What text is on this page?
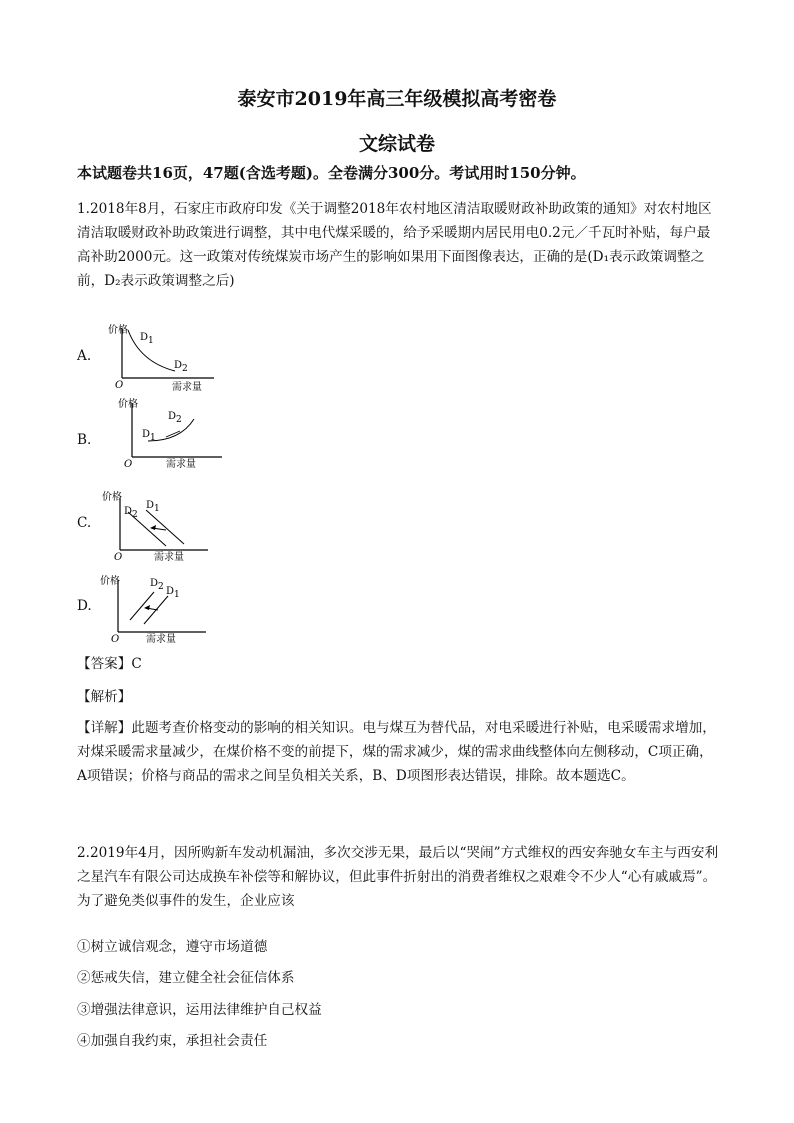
泰安市2019年高三年级模拟高考密卷
文综试卷
本试题卷共16页，47题(含选考题)。全卷满分300分。考试用时150分钟。
1.2018年8月，石家庄市政府印发《关于调整2018年农村地区清洁取暖财政补助政策的通知》对农村地区清洁取暖财政补助政策进行调整，其中电代煤采暖的，给予采暖期内居民用电0.2元／千瓦时补贴，每户最高补助2000元。这一政策对传统煤炭市场产生的影响如果用下面图像表达，正确的是(D₁表示政策调整之前，D₂表示政策调整之后)
A.
价格
O	需求量
D1
D2
B.
价格
O	需求量
D1
D2
C.
价格
O	需求量
D2
D1
D.
价格
O	需求量
D2 D1
【答案】C
【解析】
【详解】此题考查价格变动的影响的相关知识。电与煤互为替代品，对电采暖进行补贴，电采暖需求增加，对煤采暖需求量减少，在煤价格不变的前提下，煤的需求减少，煤的需求曲线整体向左侧移动，C项正确，A项错误；价格与商品的需求之间呈负相关关系，B、D项图形表达错误，排除。故本题选C。
2.2019年4月，因所购新车发动机漏油，多次交涉无果，最后以“哭闹”方式维权的西安奔驰女车主与西安利之星汽车有限公司达成换车补偿等和解协议，但此事件折射出的消费者维权之艰难令不少人“心有戚戚焉”。为了避免类似事件的发生，企业应该
①树立诚信观念，遵守市场道德
②惩戒失信，建立健全社会征信体系
③增强法律意识，运用法律维护自己权益
④加强自我约束，承担社会责任
